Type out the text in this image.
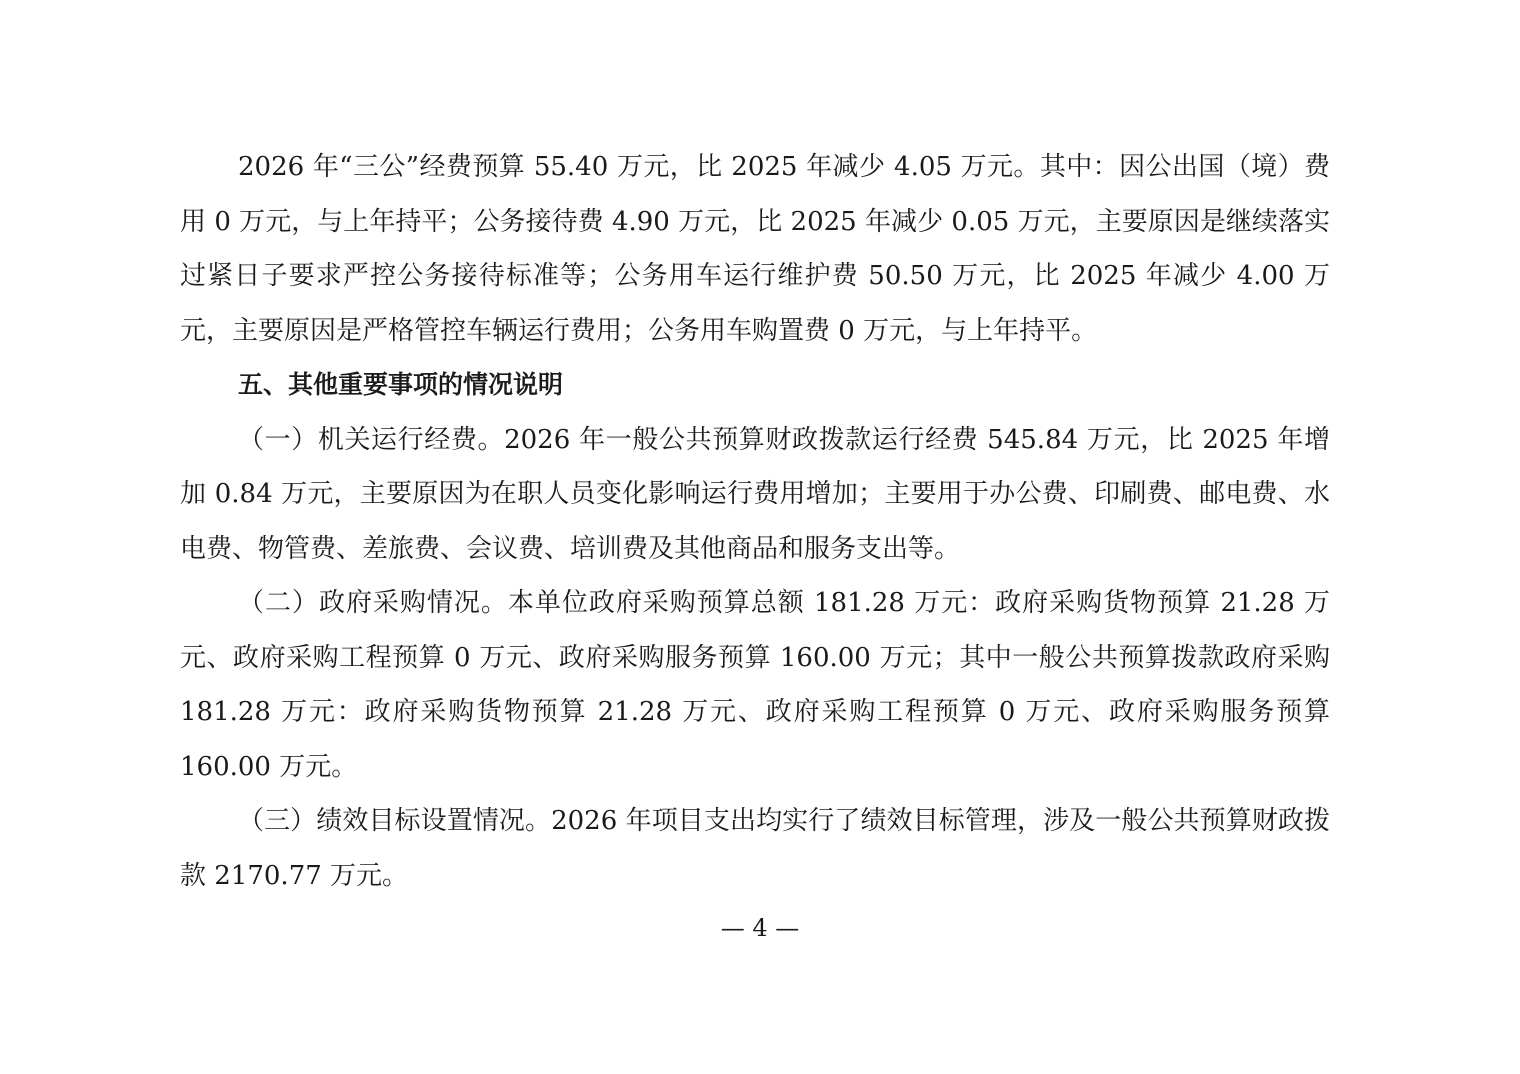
2026 年“三公”经费预算 55.40 万元，比 2025 年减少 4.05 万元。其中：因公出国（境）费用 0 万元，与上年持平；公务接待费 4.90 万元，比 2025 年减少 0.05 万元，主要原因是继续落实过紧日子要求严控公务接待标准等；公务用车运行维护费 50.50 万元，比 2025 年减少 4.00 万元，主要原因是严格管控车辆运行费用；公务用车购置费 0 万元，与上年持平。

五、其他重要事项的情况说明

（一）机关运行经费。2026 年一般公共预算财政拨款运行经费 545.84 万元，比 2025 年增加 0.84 万元，主要原因为在职人员变化影响运行费用增加；主要用于办公费、印刷费、邮电费、水电费、物管费、差旅费、会议费、培训费及其他商品和服务支出等。

（二）政府采购情况。本单位政府采购预算总额 181.28 万元：政府采购货物预算 21.28 万元、政府采购工程预算 0 万元、政府采购服务预算 160.00 万元；其中一般公共预算拨款政府采购 181.28 万元：政府采购货物预算 21.28 万元、政府采购工程预算 0 万元、政府采购服务预算 160.00 万元。

（三）绩效目标设置情况。2026 年项目支出均实行了绩效目标管理，涉及一般公共预算财政拨款 2170.77 万元。

— 4 —
